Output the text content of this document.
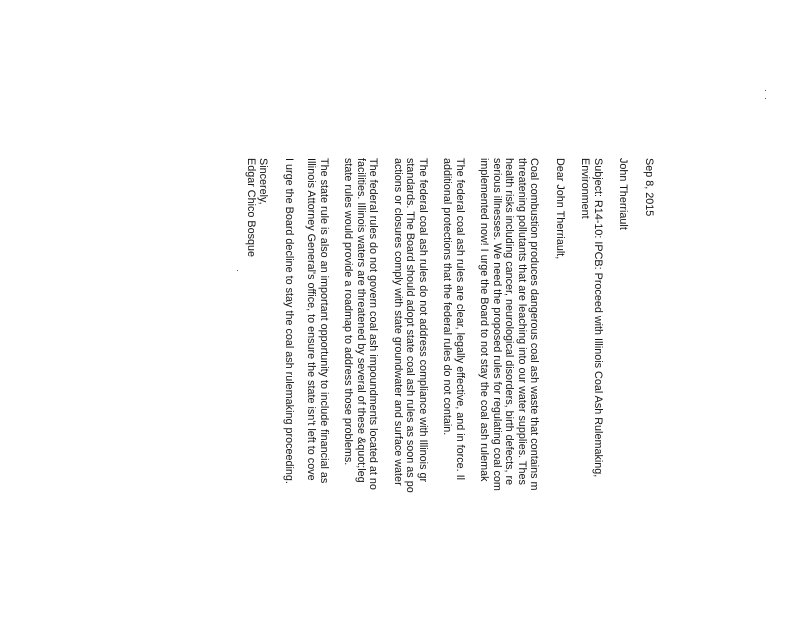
Sep 8, 2015

John Therriault

Subject: R14-10: IPCB: Proceed with Illinois Coal Ash Rulemaking,

Environment

Dear John Therriault,

Coal combustion produces dangerous coal ash waste that contains m

threatening pollutants that are leaching into our water supplies. Thes

health risks including cancer, neurological disorders, birth defects, re

serious illnesses. We need the proposed rules for regulating coal com

implemented now! I urge the Board to not stay the coal ash rulemak

The federal coal ash rules are clear, legally effective, and in force. Il

additional protections that the federal rules do not contain.

The federal coal ash rules do not address compliance with Illinois gr

standards. The Board should adopt state coal ash rules as soon as po

actions or closures comply with state groundwater and surface water

The federal rules do not govern coal ash impoundments located at no

facilities. Illinois waters are threatened by several of these &quot;leg

state rules would provide a roadmap to address those problems.

The state rule is also an important opportunity to include financial as

Illinois Attorney General's office, to ensure the state isn't left to cove

I urge the Board decline to stay the coal ash rulemaking proceeding.

Sincerely,

Edgar Chico Bosque
